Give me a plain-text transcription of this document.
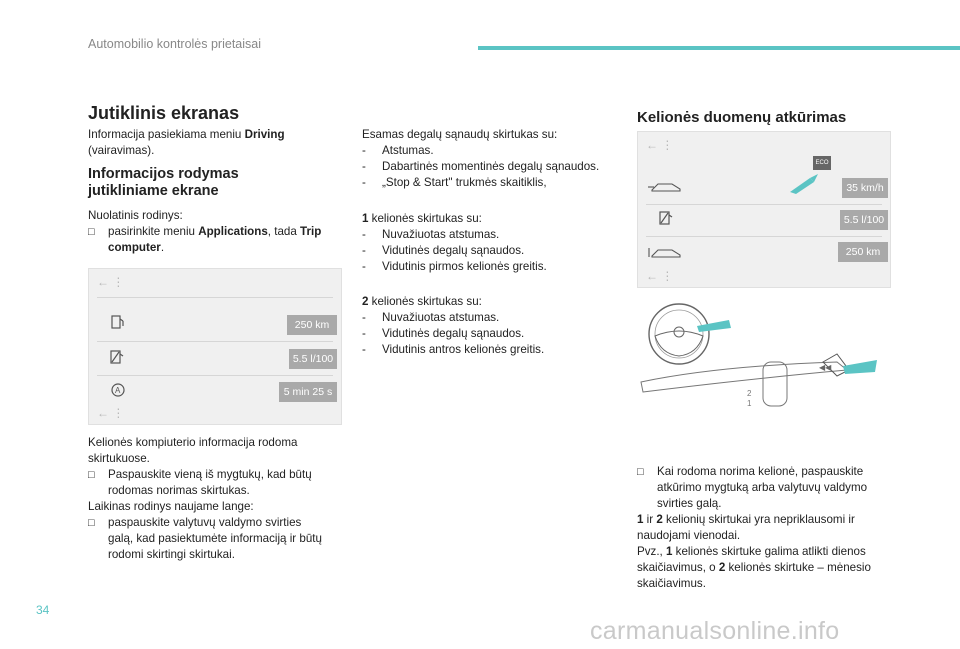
Automobilio kontrolės prietaisai
Jutiklinis ekranas
Informacija pasiekiama meniu Driving
(vairavimas).
Informacijos rodymas
jutikliniame ekrane
Nuolatinis rodinys:
□ pasirinkite meniu Applications, tada Trip
computer.
← ⋮
250 km
5.5 l/100
A	5 min 25 s
← ⋮
Kelionės kompiuterio informacija rodoma
skirtukuose.
□ Paspauskite vieną iš mygtukų, kad būtų
rodomas norimas skirtukas.
Laikinas rodinys naujame lange:
□ paspauskite valytuvų valdymo svirties
galą, kad pasiektumėte informaciją ir būtų
rodomi skirtingi skirtukai.
Esamas degalų sąnaudų skirtukas su:
- Atstumas.
- Dabartinės momentinės degalų sąnaudos.
- „Stop & Start" trukmės skaitiklis,
1 kelionės skirtukas su:
- Nuvažiuotas atstumas.
- Vidutinės degalų sąnaudos.
- Vidutinis pirmos kelionės greitis.
2 kelionės skirtukas su:
- Nuvažiuotas atstumas.
- Vidutinės degalų sąnaudos.
- Vidutinis antros kelionės greitis.
Kelionės duomenų atkūrimas
← ⋮
ECO
35 km/h
5.5 l/100
250 km
← ⋮
2
1
◀◀
□ Kai rodoma norima kelionė, paspauskite
atkūrimo mygtuką arba valytuvų valdymo
svirties galą.
1 ir 2 kelionių skirtukai yra nepriklausomi ir
naudojami vienodai.
Pvz., 1 kelionės skirtuke galima atlikti dienos
skaičiavimus, o 2 kelionės skirtuke – mėnesio
skaičiavimus.
34
carmanualsonline.info
